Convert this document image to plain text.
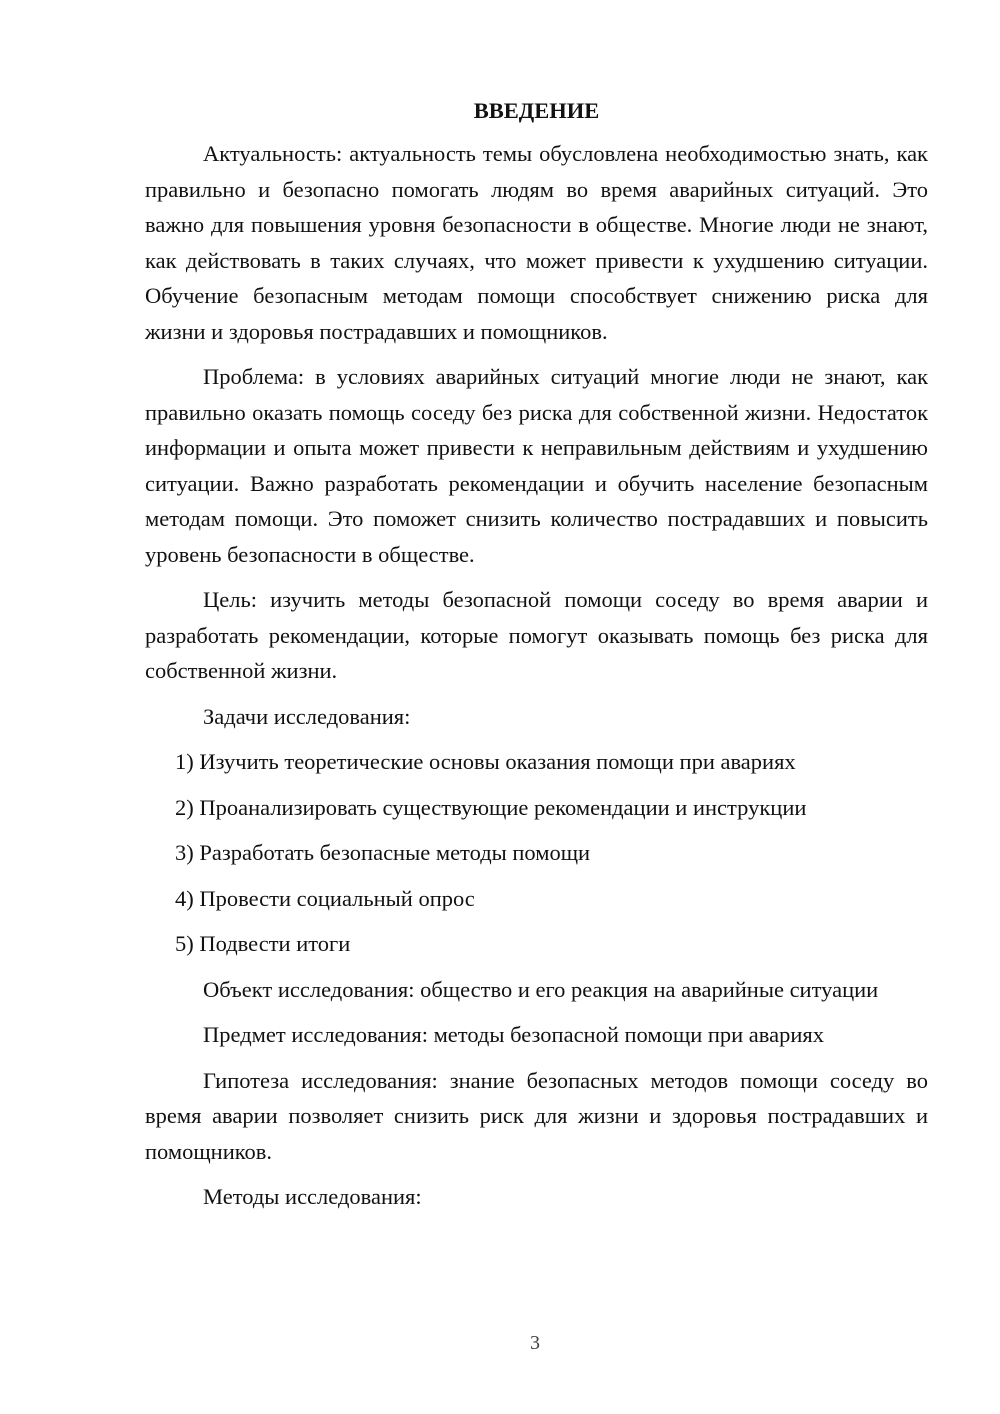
ВВЕДЕНИЕ

Актуальность: актуальность темы обусловлена необходимостью знать, как правильно и безопасно помогать людям во время аварийных ситуаций. Это важно для повышения уровня безопасности в обществе. Многие люди не знают, как действовать в таких случаях, что может привести к ухудшению ситуации. Обучение безопасным методам помощи способствует снижению риска для жизни и здоровья пострадавших и помощников.

Проблема: в условиях аварийных ситуаций многие люди не знают, как правильно оказать помощь соседу без риска для собственной жизни. Недостаток информации и опыта может привести к неправильным действиям и ухудшению ситуации. Важно разработать рекомендации и обучить население безопасным методам помощи. Это поможет снизить количество пострадавших и повысить уровень безопасности в обществе.

Цель: изучить методы безопасной помощи соседу во время аварии и разработать рекомендации, которые помогут оказывать помощь без риска для собственной жизни.

Задачи исследования:

1) Изучить теоретические основы оказания помощи при авариях
2) Проанализировать существующие рекомендации и инструкции
3) Разработать безопасные методы помощи
4) Провести социальный опрос
5) Подвести итоги

Объект исследования: общество и его реакция на аварийные ситуации

Предмет исследования: методы безопасной помощи при авариях

Гипотеза исследования: знание безопасных методов помощи соседу во время аварии позволяет снизить риск для жизни и здоровья пострадавших и помощников.

Методы исследования:

3
